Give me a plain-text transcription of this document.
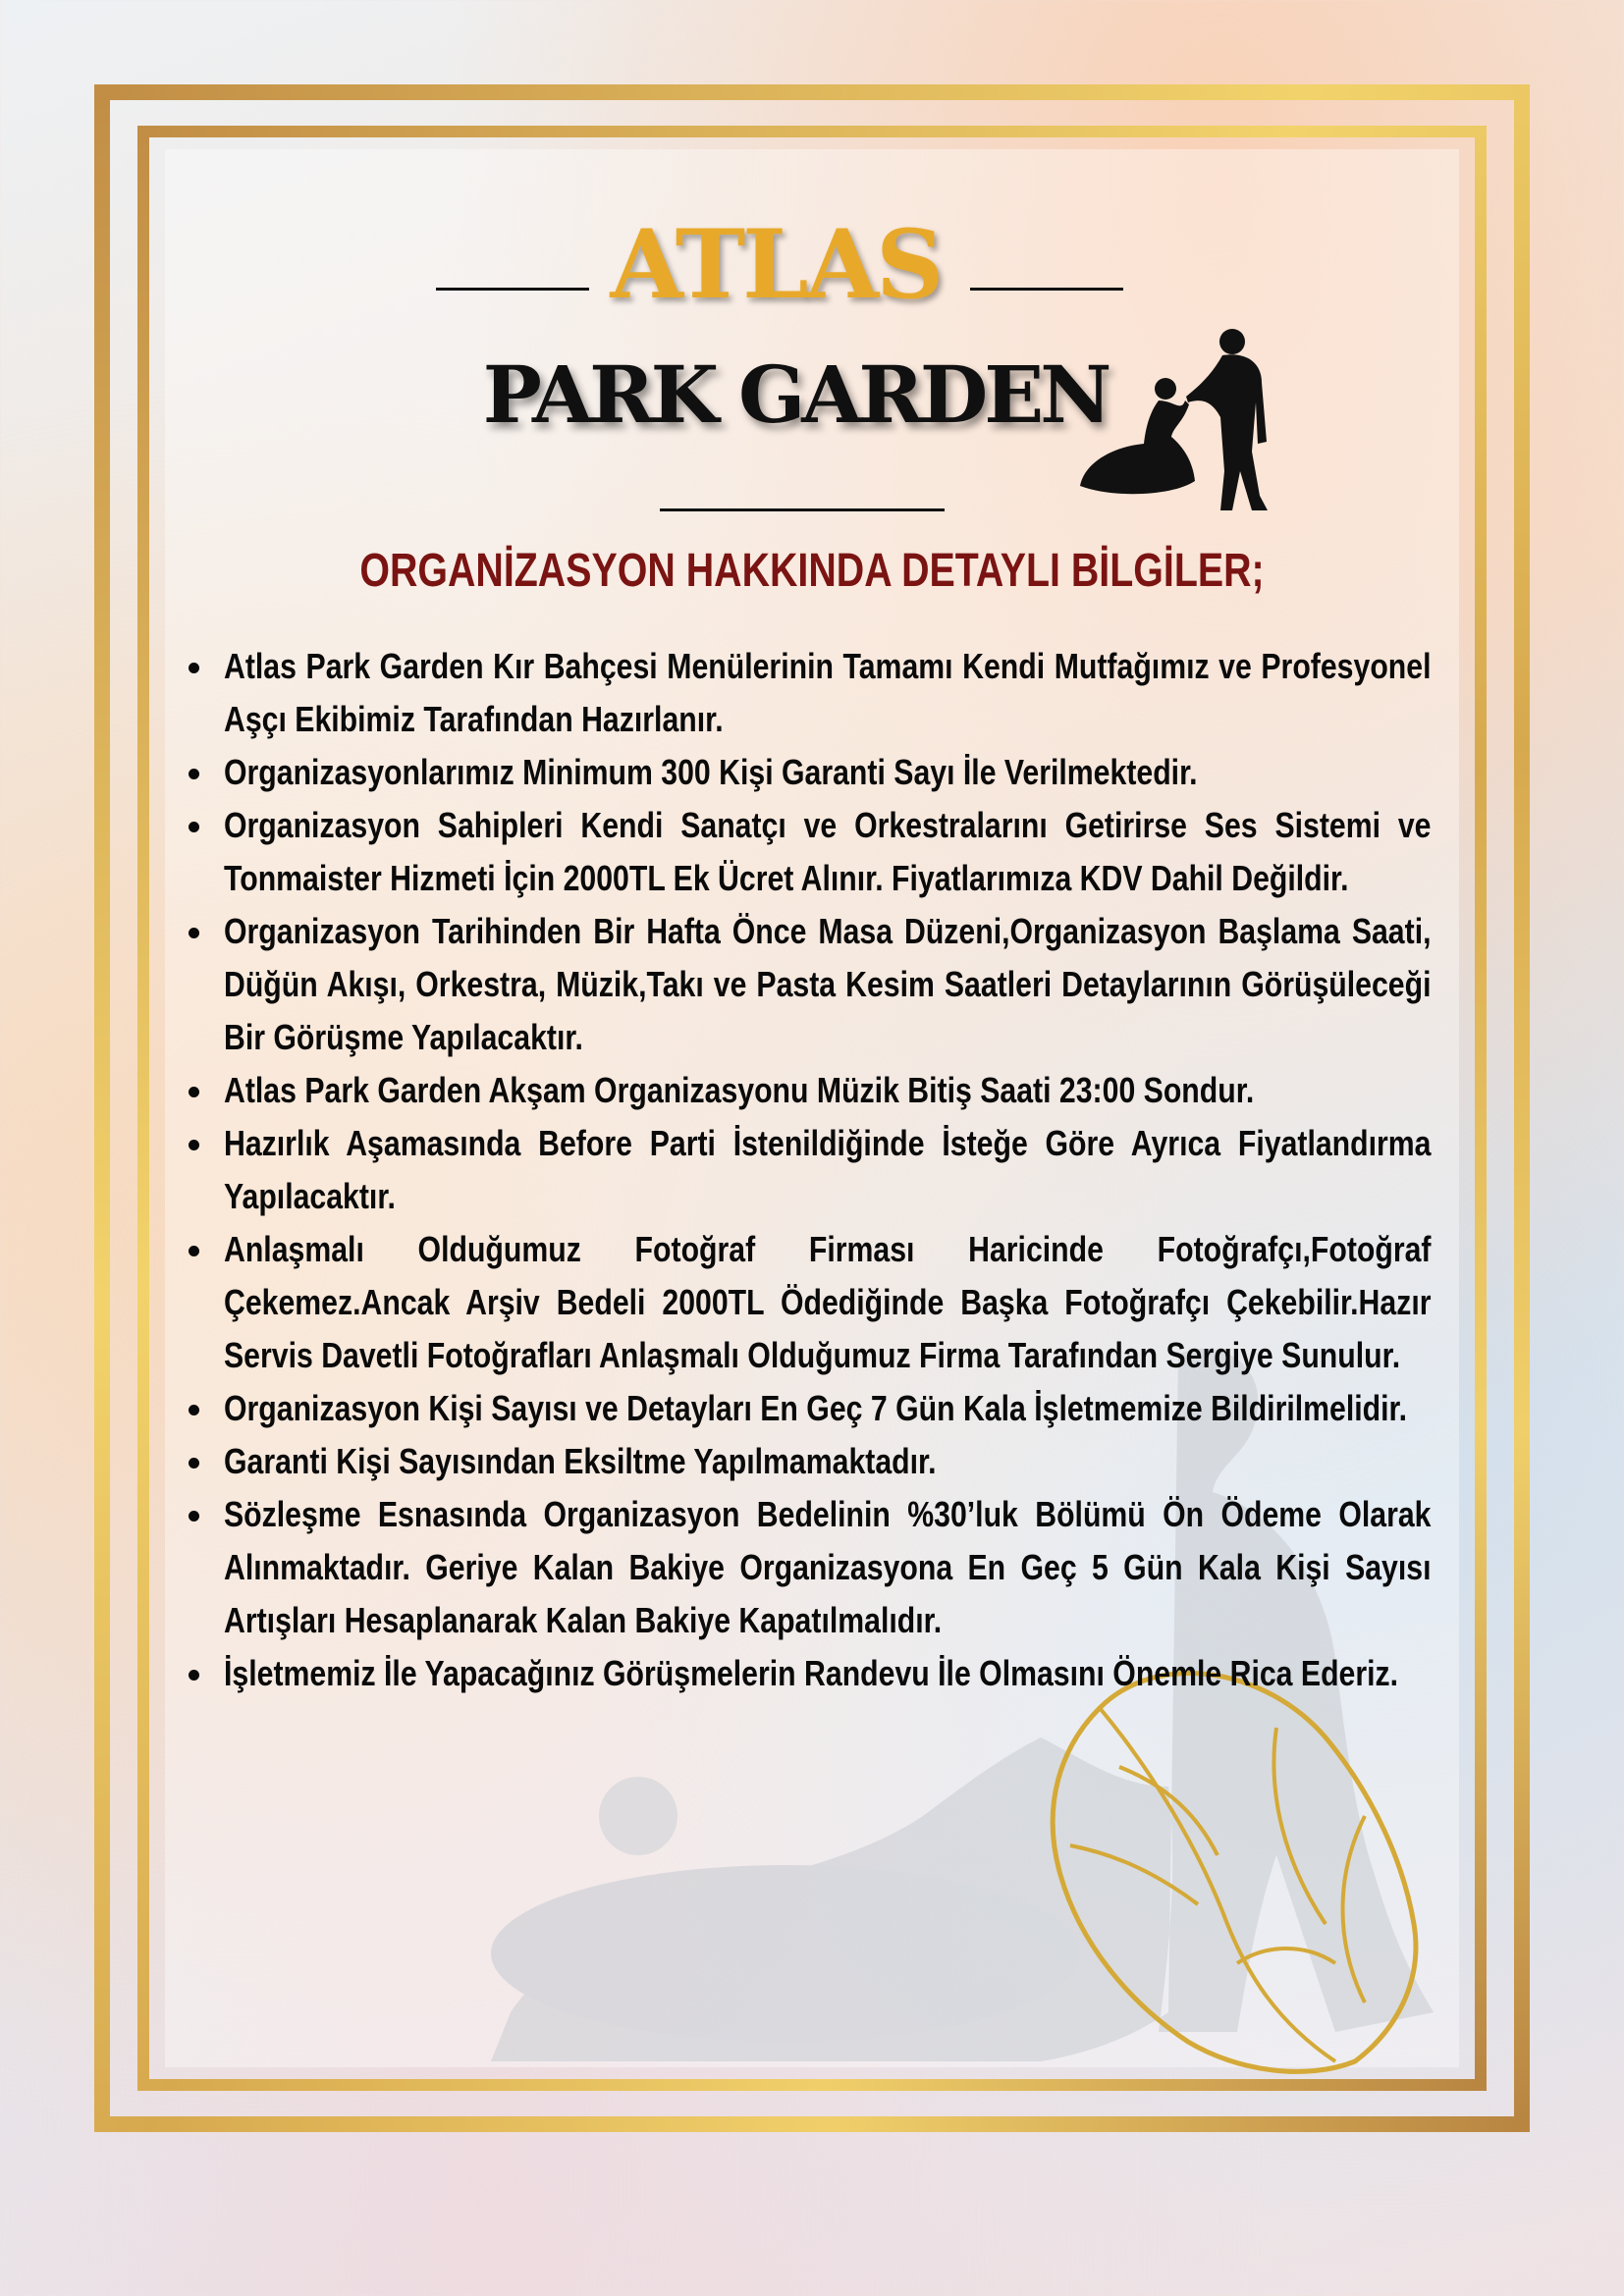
ATLAS
PARK GARDEN
ORGANİZASYON HAKKINDA DETAYLI BİLGİLER;
Atlas Park Garden Kır Bahçesi Menülerinin Tamamı Kendi Mutfağımız ve Profesyonel Aşçı Ekibimiz Tarafından Hazırlanır.
Organizasyonlarımız Minimum 300 Kişi Garanti Sayı İle Verilmektedir.
Organizasyon Sahipleri Kendi Sanatçı ve Orkestralarını Getirirse Ses Sistemi ve Tonmaister Hizmeti İçin 2000TL Ek Ücret Alınır. Fiyatlarımıza KDV Dahil Değildir.
Organizasyon Tarihinden Bir Hafta Önce Masa Düzeni,Organizasyon Başlama Saati, Düğün Akışı, Orkestra, Müzik,Takı ve Pasta Kesim Saatleri Detaylarının Görüşüleceği Bir Görüşme Yapılacaktır.
Atlas Park Garden Akşam Organizasyonu Müzik Bitiş Saati 23:00 Sondur.
Hazırlık Aşamasında Before Parti İstenildiğinde İsteğe Göre Ayrıca Fiyatlandırma Yapılacaktır.
Anlaşmalı Olduğumuz Fotoğraf Firması Haricinde Fotoğrafçı,Fotoğraf Çekemez.Ancak Arşiv Bedeli 2000TL Ödediğinde Başka Fotoğrafçı Çekebilir.Hazır Servis Davetli Fotoğrafları Anlaşmalı Olduğumuz Firma Tarafından Sergiye Sunulur.
Organizasyon Kişi Sayısı ve Detayları En Geç 7 Gün Kala İşletmemize Bildirilmelidir.
Garanti Kişi Sayısından Eksiltme Yapılmamaktadır.
Sözleşme Esnasında Organizasyon Bedelinin %30’luk Bölümü Ön Ödeme Olarak Alınmaktadır. Geriye Kalan Bakiye Organizasyona En Geç 5 Gün Kala Kişi Sayısı Artışları Hesaplanarak Kalan Bakiye Kapatılmalıdır.
İşletmemiz İle Yapacağınız Görüşmelerin Randevu İle Olmasını Önemle Rica Ederiz.
